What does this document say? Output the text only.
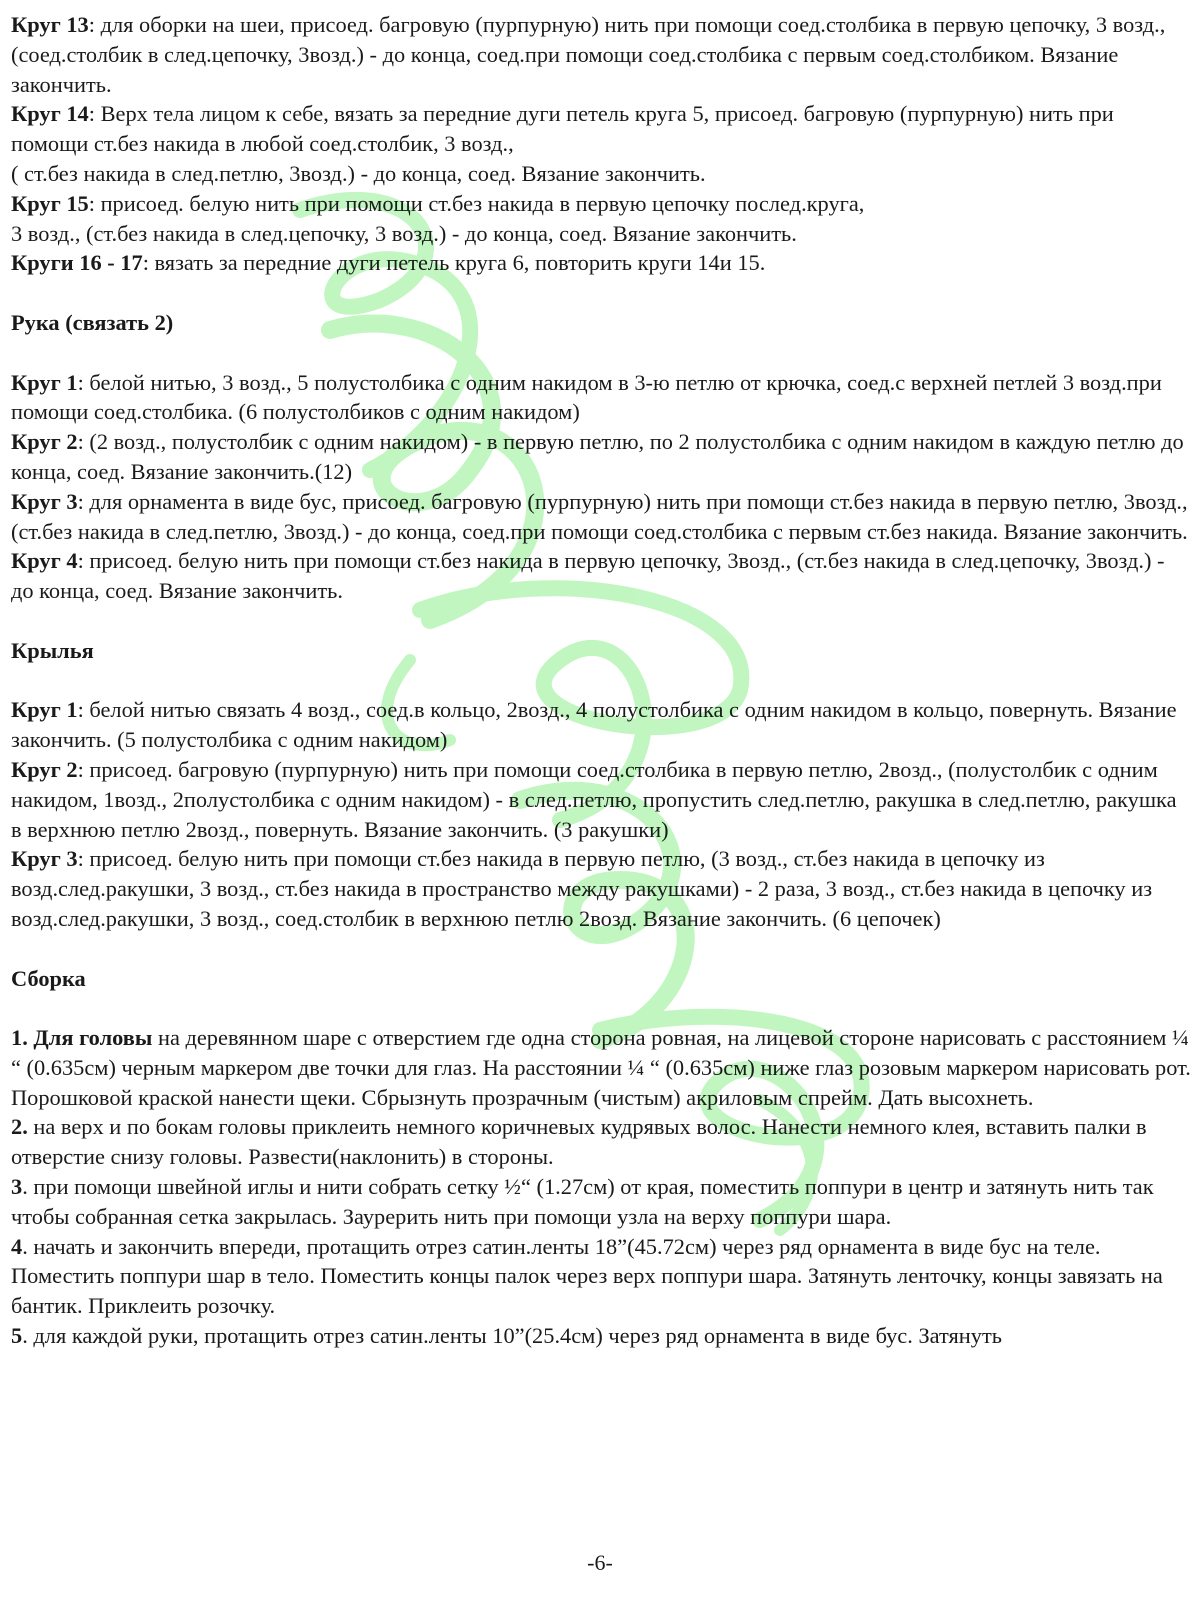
Круг 13: для оборки на шеи, присоед. багровую (пурпурную) нить при помощи соед.столбика в первую цепочку, 3 возд., (соед.столбик в след.цепочку, 3возд.) - до конца, соед.при помощи соед.столбика с первым соед.столбиком. Вязание закончить.

Круг 14: Верх тела лицом к себе, вязать за передние дуги петель круга 5, присоед. багровую (пурпурную) нить при помощи ст.без накида в любой соед.столбик, 3 возд.,

( ст.без накида в след.петлю, 3возд.) - до конца, соед. Вязание закончить.

Круг 15: присоед. белую нить при помощи ст.без накида в первую цепочку послед.круга,

3 возд., (ст.без накида в след.цепочку, 3 возд.) - до конца, соед. Вязание закончить.

Круги 16 - 17: вязать за передние дуги петель круга 6, повторить круги 14и 15.

Рука (связать 2)

Круг 1: белой нитью, 3 возд., 5 полустолбика с одним накидом в 3-ю петлю от крючка, соед.с верхней петлей 3 возд.при помощи соед.столбика. (6 полустолбиков с одним накидом)

Круг 2: (2 возд., полустолбик с одним накидом) - в первую петлю, по 2 полустолбика с одним накидом в каждую петлю до конца, соед. Вязание закончить.(12)

Круг 3: для орнамента в виде бус, присоед. багровую (пурпурную) нить при помощи ст.без накида в первую петлю, 3возд., (ст.без накида в след.петлю, 3возд.) - до конца, соед.при помощи соед.столбика с первым ст.без накида. Вязание закончить.

Круг 4: присоед. белую нить при помощи ст.без накида в первую цепочку, 3возд., (ст.без накида в след.цепочку, 3возд.) - до конца, соед. Вязание закончить.

Крылья

Круг 1: белой нитью связать 4 возд., соед.в кольцо, 2возд., 4 полустолбика с одним накидом в кольцо, повернуть. Вязание закончить. (5 полустолбика с одним накидом)

Круг 2: присоед. багровую (пурпурную) нить при помощи соед.столбика в первую петлю, 2возд., (полустолбик с одним накидом, 1возд., 2полустолбика с одним накидом) - в след.петлю, пропустить след.петлю, ракушка в след.петлю, ракушка в верхнюю петлю 2возд., повернуть. Вязание закончить. (3 ракушки)

Круг 3: присоед. белую нить при помощи ст.без накида в первую петлю, (3 возд., ст.без накида в цепочку из возд.след.ракушки, 3 возд., ст.без накида в пространство между ракушками) - 2 раза, 3 возд., ст.без накида в цепочку из возд.след.ракушки, 3 возд., соед.столбик в верхнюю петлю 2возд. Вязание закончить. (6 цепочек)

Сборка

1. Для головы на деревянном шаре с отверстием где одна сторона ровная, на лицевой стороне нарисовать с расстоянием ¼ “ (0.635см) черным маркером две точки для глаз. На расстоянии ¼ “ (0.635см) ниже глаз розовым маркером нарисовать рот. Порошковой краской нанести щеки. Сбрызнуть прозрачным (чистым) акриловым спрейм. Дать высохнеть.

2. на верх и по бокам головы приклеить немного коричневых кудрявых волос. Нанести немного клея, вставить палки в отверстие снизу головы. Развести(наклонить) в стороны.

3. при помощи швейной иглы и нити собрать сетку ½“ (1.27см) от края, поместить поппури в центр и затянуть нить так чтобы собранная сетка закрылась. Заурерить нить при помощи узла на верху поппури шара.

4. начать и закончить впереди, протащить отрез сатин.ленты 18”(45.72см) через ряд орнамента в виде бус на теле. Поместить поппури шар в тело. Поместить концы палок через верх поппури шара. Затянуть ленточку, концы завязать на бантик. Приклеить розочку.

5. для каждой руки, протащить отрез сатин.ленты 10”(25.4см) через ряд орнамента в виде бус. Затянуть

-6-
